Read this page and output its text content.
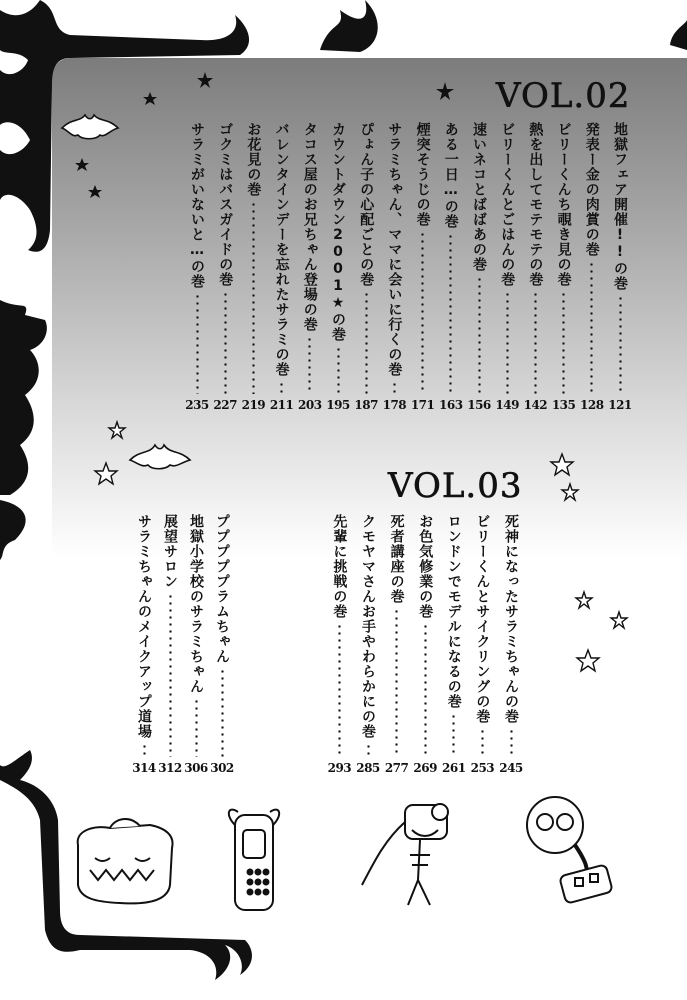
VOL.02
地獄フェア開催!!の巻
121
発表ー金の肉賞の巻
128
ビリーくんち覗き見の巻
135
熱を出してモテモテの巻
142
ビリーくんとごはんの巻
149
速いネコとばばあの巻
156
ある一日…の巻
163
煙突そうじの巻
171
サラミちゃん、ママに会いに行くの巻
178
ぴょん子の心配ごとの巻
187
カウントダウン2001★の巻
195
タコス屋のお兄ちゃん登場の巻
203
バレンタインデーを忘れたサラミの巻
211
お花見の巻
219
ゴクミはバスガイドの巻
227
サラミがいないと…の巻
235
VOL.03
死神になったサラミちゃんの巻
245
ビリーくんとサイクリングの巻
253
ロンドンでモデルになるの巻
261
お色気修業の巻
269
死者講座の巻
277
クモヤマさんお手やわらかにの巻
285
先輩に挑戦の巻
293
プププププラムちゃん
302
地獄小学校のサラミちゃん
306
展望サロン
312
サラミちゃんのメイクアップ道場
314
